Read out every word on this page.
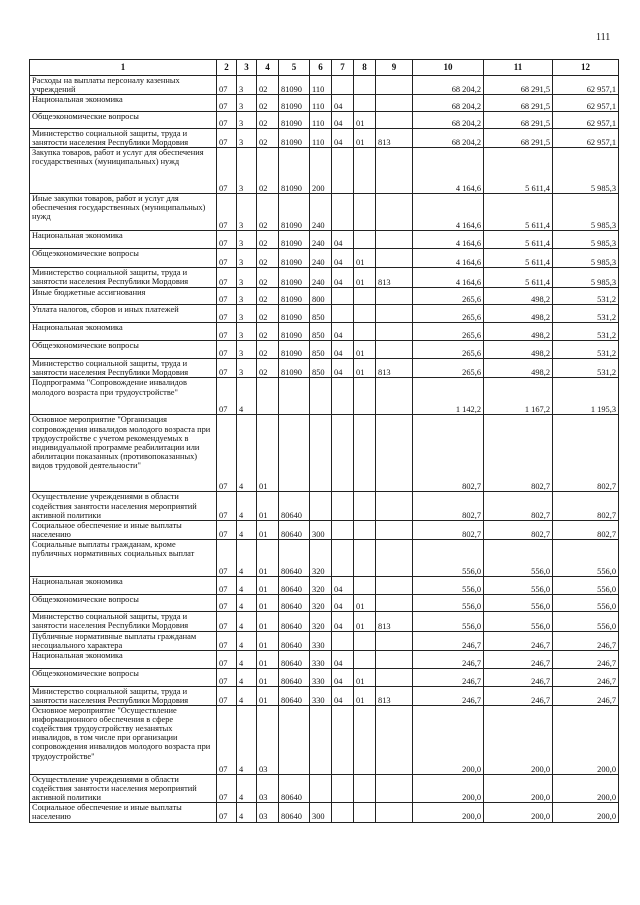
111
1	2	3	4	5	6	7	8	9	10	11	12
Расходы на выплаты персоналу казенных учреждений	07	3	02	81090	110				68 204,2	68 291,5	62 957,1
Национальная экономика	07	3	02	81090	110	04			68 204,2	68 291,5	62 957,1
Общеэкономические вопросы	07	3	02	81090	110	04	01		68 204,2	68 291,5	62 957,1
Министерство социальной защиты, труда и занятости населения Республики Мордовия	07	3	02	81090	110	04	01	813	68 204,2	68 291,5	62 957,1
Закупка товаров, работ и услуг для обеспечения государственных (муниципальных) нужд	07	3	02	81090	200				4 164,6	5 611,4	5 985,3
Иные закупки товаров, работ и услуг для обеспечения государственных (муниципальных) нужд	07	3	02	81090	240				4 164,6	5 611,4	5 985,3
Национальная экономика	07	3	02	81090	240	04			4 164,6	5 611,4	5 985,3
Общеэкономические вопросы	07	3	02	81090	240	04	01		4 164,6	5 611,4	5 985,3
Министерство социальной защиты, труда и занятости населения Республики Мордовия	07	3	02	81090	240	04	01	813	4 164,6	5 611,4	5 985,3
Иные бюджетные ассигнования	07	3	02	81090	800				265,6	498,2	531,2
Уплата налогов, сборов и иных платежей	07	3	02	81090	850				265,6	498,2	531,2
Национальная экономика	07	3	02	81090	850	04			265,6	498,2	531,2
Общеэкономические вопросы	07	3	02	81090	850	04	01		265,6	498,2	531,2
Министерство социальной защиты, труда и занятости населения Республики Мордовия	07	3	02	81090	850	04	01	813	265,6	498,2	531,2
Подпрограмма "Сопровождение инвалидов молодого возраста при трудоустройстве"	07	4							1 142,2	1 167,2	1 195,3
Основное мероприятие "Организация сопровождения инвалидов молодого возраста при трудоустройстве с учетом рекомендуемых в индивидуальной программе реабилитации или абилитации показанных (противопоказанных) видов трудовой деятельности"	07	4	01						802,7	802,7	802,7
Осуществление учреждениями в области содействия занятости населения мероприятий активной политики	07	4	01	80640					802,7	802,7	802,7
Социальное обеспечение и иные выплаты населению	07	4	01	80640	300				802,7	802,7	802,7
Социальные выплаты гражданам, кроме публичных нормативных социальных выплат	07	4	01	80640	320				556,0	556,0	556,0
Национальная экономика	07	4	01	80640	320	04			556,0	556,0	556,0
Общеэкономические вопросы	07	4	01	80640	320	04	01		556,0	556,0	556,0
Министерство социальной защиты, труда и занятости населения Республики Мордовия	07	4	01	80640	320	04	01	813	556,0	556,0	556,0
Публичные нормативные выплаты гражданам несоциального характера	07	4	01	80640	330				246,7	246,7	246,7
Национальная экономика	07	4	01	80640	330	04			246,7	246,7	246,7
Общеэкономические вопросы	07	4	01	80640	330	04	01		246,7	246,7	246,7
Министерство социальной защиты, труда и занятости населения Республики Мордовия	07	4	01	80640	330	04	01	813	246,7	246,7	246,7
Основное мероприятие "Осуществление информационного обеспечения в сфере содействия трудоустройству незанятых инвалидов, в том числе при организации сопровождения инвалидов молодого возраста при трудоустройстве"	07	4	03						200,0	200,0	200,0
Осуществление учреждениями в области содействия занятости населения мероприятий активной политики	07	4	03	80640					200,0	200,0	200,0
Социальное обеспечение и иные выплаты населению	07	4	03	80640	300				200,0	200,0	200,0
